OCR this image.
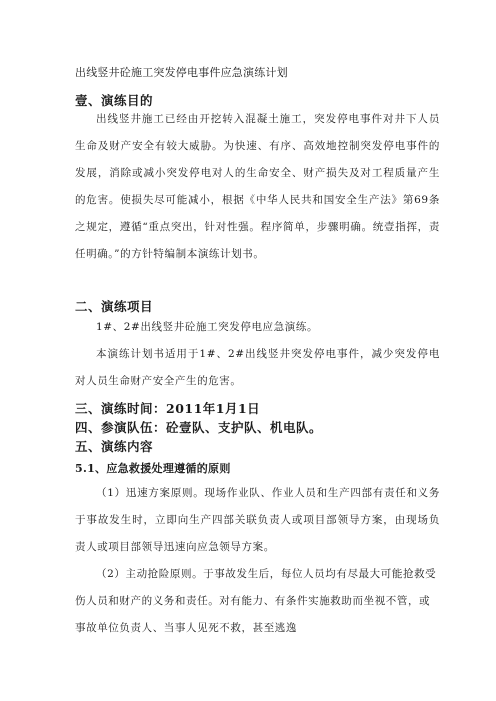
出线竖井砼施工突发停电事件应急演练计划
壹、演练目的
出线竖井施工已经由开挖转入混凝土施工，突发停电事件对井下人员生命及财产安全有较大威胁。为快速、有序、高效地控制突发停电事件的发展，消除或减小突发停电对人的生命安全、财产损失及对工程质量产生的危害。使损失尽可能减小，根据《中华人民共和国安全生产法》第69条之规定，遵循“重点突出，针对性强。程序简单，步骤明确。统壹指挥，责任明确。”的方针特编制本演练计划书。
二、演练项目
1#、2#出线竖井砼施工突发停电应急演练。
本演练计划书适用于1#、2#出线竖井突发停电事件，减少突发停电对人员生命财产安全产生的危害。
三、演练时间：2011年1月1日
四、参演队伍：砼壹队、支护队、机电队。
五、演练内容
5.1、应急救援处理遵循的原则
（1）迅速方案原则。现场作业队、作业人员和生产四部有责任和义务于事故发生时，立即向生产四部关联负责人或项目部领导方案，由现场负责人或项目部领导迅速向应急领导方案。
（2）主动抢险原则。于事故发生后，每位人员均有尽最大可能抢救受伤人员和财产的义务和责任。对有能力、有条件实施救助而坐视不管，或事故单位负责人、当事人见死不救，甚至逃逸
